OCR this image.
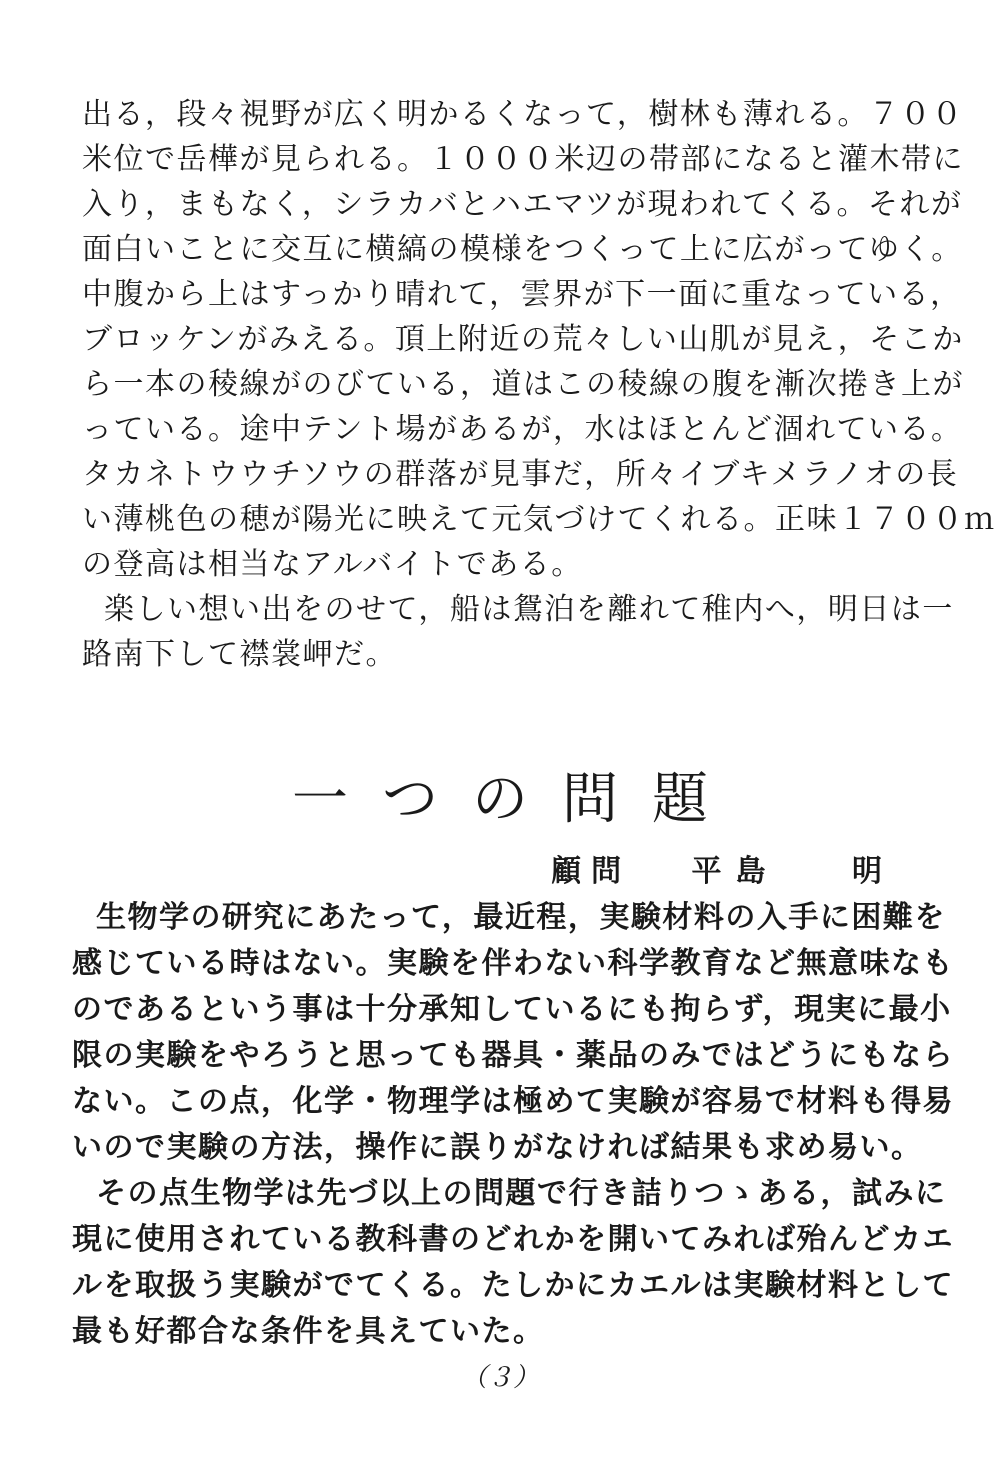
出る，段々視野が広く明かるくなって，樹林も薄れる。７００
米位で岳樺が見られる。１０００米辺の帯部になると灌木帯に
入り，まもなく，シラカバとハエマツが現われてくる。それが
面白いことに交互に横縞の模様をつくって上に広がってゆく。
中腹から上はすっかり晴れて，雲界が下一面に重なっている，
ブロッケンがみえる。頂上附近の荒々しい山肌が見え，そこか
ら一本の稜線がのびている，道はこの稜線の腹を漸次捲き上が
っている。途中テント場があるが，水はほとんど涸れている。
タカネトウウチソウの群落が見事だ，所々イブキメラノオの長
い薄桃色の穂が陽光に映えて元気づけてくれる。正味１７００ｍ
の登高は相当なアルバイトである。
楽しい想い出をのせて，船は鴛泊を離れて稚内へ，明日は一
路南下して襟裳岬だ。
一つの問題
顧問 平島 明
生物学の研究にあたって，最近程，実験材料の入手に困難を
感じている時はない。実験を伴わない科学教育など無意味なも
のであるという事は十分承知しているにも拘らず，現実に最小
限の実験をやろうと思っても器具・薬品のみではどうにもなら
ない。この点，化学・物理学は極めて実験が容易で材料も得易
いので実験の方法，操作に誤りがなければ結果も求め易い。
その点生物学は先づ以上の問題で行き詰りつゝある，試みに
現に使用されている教科書のどれかを開いてみれば殆んどカエ
ルを取扱う実験がでてくる。たしかにカエルは実験材料として
最も好都合な条件を具えていた。
（３）
